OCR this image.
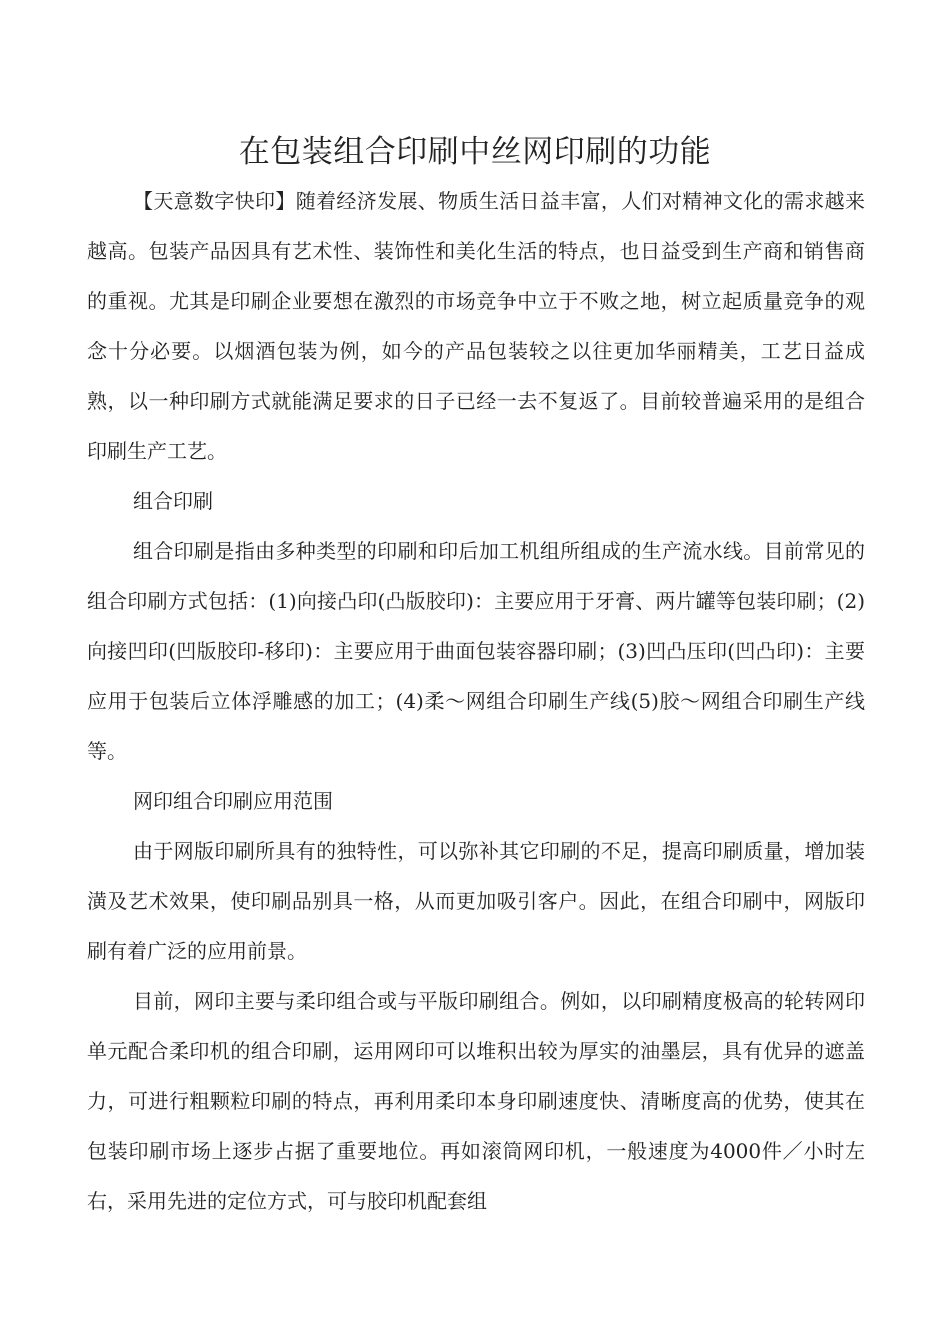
在包装组合印刷中丝网印刷的功能

【天意数字快印】随着经济发展、物质生活日益丰富，人们对精神文化的需求越来越高。包装产品因具有艺术性、装饰性和美化生活的特点，也日益受到生产商和销售商的重视。尤其是印刷企业要想在激烈的市场竞争中立于不败之地，树立起质量竞争的观念十分必要。以烟酒包装为例，如今的产品包装较之以往更加华丽精美，工艺日益成熟，以一种印刷方式就能满足要求的日子已经一去不复返了。目前较普遍采用的是组合印刷生产工艺。

组合印刷

组合印刷是指由多种类型的印刷和印后加工机组所组成的生产流水线。目前常见的组合印刷方式包括：(1)向接凸印(凸版胶印)：主要应用于牙膏、两片罐等包装印刷；(2)向接凹印(凹版胶印-移印)：主要应用于曲面包装容器印刷；(3)凹凸压印(凹凸印)：主要应用于包装后立体浮雕感的加工；(4)柔～网组合印刷生产线(5)胶～网组合印刷生产线等。

网印组合印刷应用范围

由于网版印刷所具有的独特性，可以弥补其它印刷的不足，提高印刷质量，增加装潢及艺术效果，使印刷品别具一格，从而更加吸引客户。因此，在组合印刷中，网版印刷有着广泛的应用前景。

目前，网印主要与柔印组合或与平版印刷组合。例如，以印刷精度极高的轮转网印单元配合柔印机的组合印刷，运用网印可以堆积出较为厚实的油墨层，具有优异的遮盖力，可进行粗颗粒印刷的特点，再利用柔印本身印刷速度快、清晰度高的优势，使其在包装印刷市场上逐步占据了重要地位。再如滚筒网印机，一般速度为4000件／小时左右，采用先进的定位方式，可与胶印机配套组
